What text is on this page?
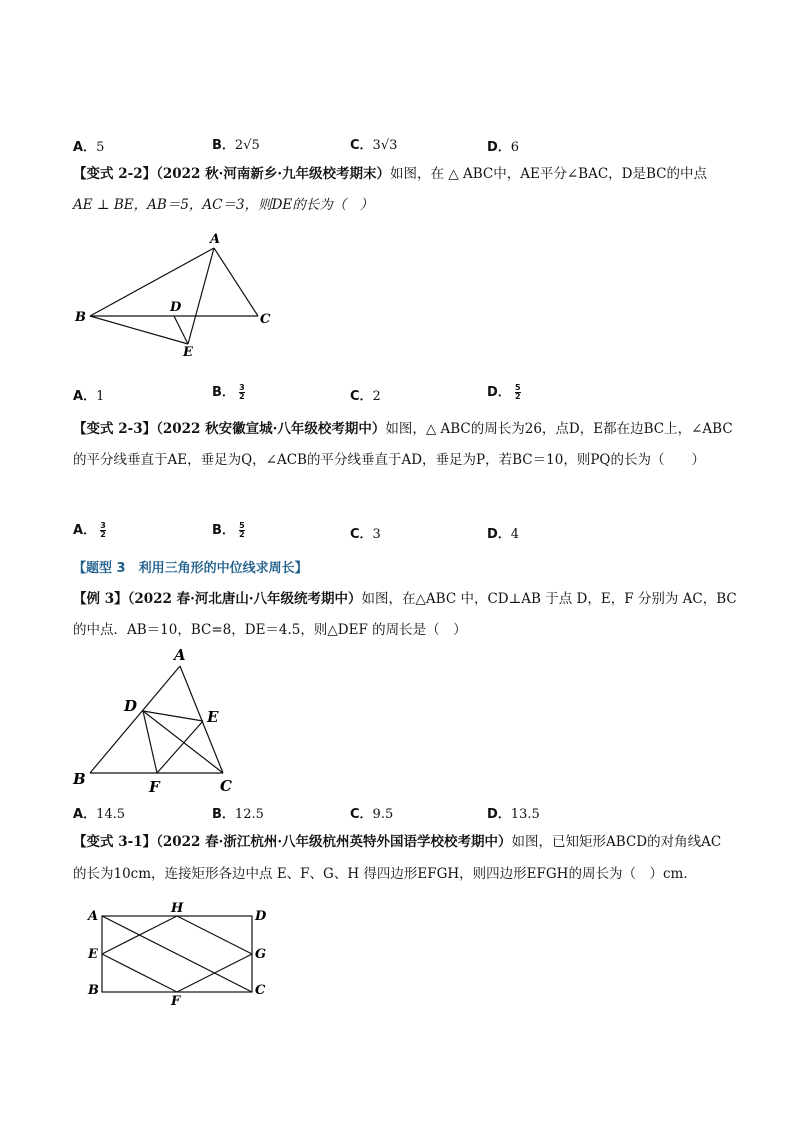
A．5	B．2√5	C．3√3	D．6
【变式 2-2】（2022 秋·河南新乡·九年级校考期末）如图，在 △ ABC中，AE平分∠BAC，D是BC的中点
AE ⊥ BE，AB＝5，AC＝3，则DE的长为（　）
A
B	C
D
E
A．1	B． $\frac{3}{2}$	C．2	D． $\frac{5}{2}$
【变式 2-3】（2022 秋安徽宣城·八年级校考期中）如图，△ ABC的周长为26，点D，E都在边BC上，∠ABC
的平分线垂直于AE，垂足为Q，∠ACB的平分线垂直于AD，垂足为P，若BC＝10，则PQ的长为（　　）
A． $\frac{3}{2}$	B． $\frac{5}{2}$	C．3	D．4
【题型 3　利用三角形的中位线求周长】
【例 3】（2022 春·河北唐山·八年级统考期中）如图，在△ABC 中，CD⊥AB 于点 D，E，F 分别为 AC，BC
的中点．AB＝10，BC=8，DE＝4.5，则△DEF 的周长是（　）
A
B	C
D
E
F
A．14.5	B．12.5	C．9.5	D．13.5
【变式 3-1】（2022 春·浙江杭州·八年级杭州英特外国语学校校考期中）如图，已知矩形ABCD的对角线AC
的长为10cm，连接矩形各边中点 E、F、G、H 得四边形EFGH，则四边形EFGH的周长为（　）cm．
A
B	C
D
E
F
G
H
